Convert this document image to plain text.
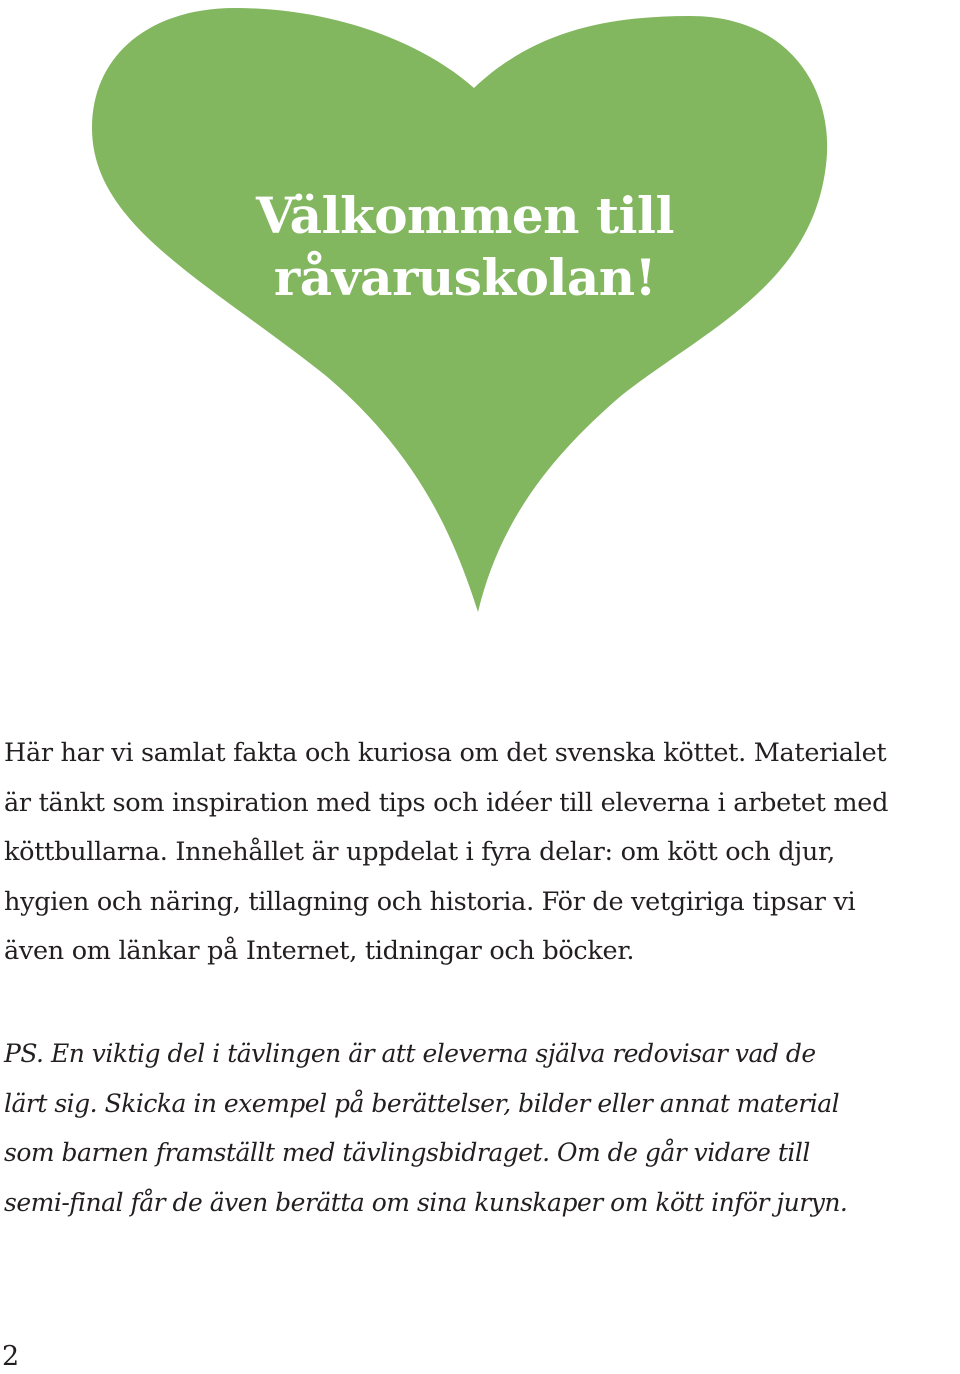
Välkommen till
råvaruskolan!
Här har vi samlat fakta och kuriosa om det svenska köttet. Materialet
är tänkt som inspiration med tips och idéer till eleverna i arbetet med
köttbullarna. Innehållet är uppdelat i fyra delar: om kött och djur,
hygien och näring, tillagning och historia. För de vetgiriga tipsar vi
även om länkar på Internet, tidningar och böcker.
PS. En viktig del i tävlingen är att eleverna själva redovisar vad de
lärt sig. Skicka in exempel på berättelser, bilder eller annat material
som barnen framställt med tävlingsbidraget. Om de går vidare till
semi-final får de även berätta om sina kunskaper om kött inför juryn.
2
